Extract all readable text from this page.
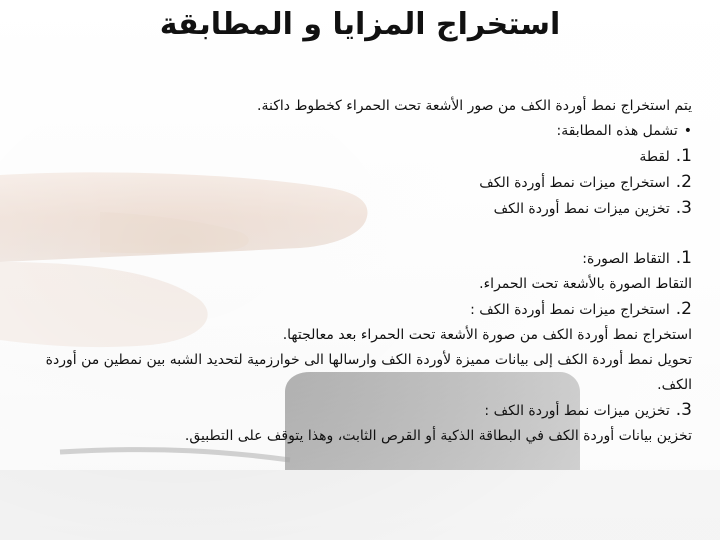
استخراج المزايا و المطابقة
يتم استخراج نمط أوردة الكف من صور الأشعة تحت الحمراء كخطوط داكنة.
•تشمل هذه المطابقة:
1.لقطة
2.استخراج ميزات نمط أوردة الكف
3.تخزين ميزات نمط أوردة الكف
1.التقاط الصورة:
التقاط الصورة بالأشعة تحت الحمراء.
2.استخراج ميزات نمط أوردة الكف :
استخراج نمط أوردة الكف من صورة الأشعة تحت الحمراء بعد معالجتها.
تحويل نمط أوردة الكف إلى بيانات مميزة لأوردة الكف وارسالها الى خوارزمية لتحديد الشبه بين نمطين من أوردة الكف.
3.تخزين ميزات نمط أوردة الكف :
تخزين بيانات أوردة الكف في البطاقة الذكية أو القرص الثابت، وهذا يتوقف على التطبيق.
